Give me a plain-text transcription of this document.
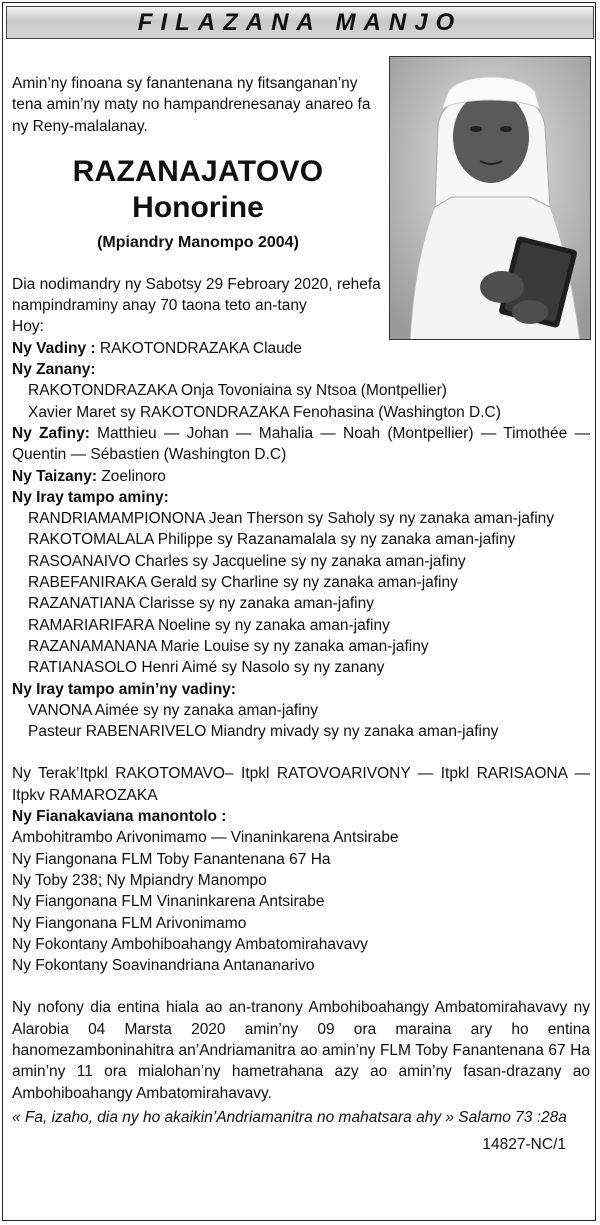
FILAZANA MANJO

Amin’ny finoana sy fanantenana ny fitsanganan’ny tena amin’ny maty no hampandrenesanay anareo fa ny Reny-malalanay.

RAZANAJATOVO
Honorine
(Mpiandry Manompo 2004)
Dia nodimandry ny Sabotsy 29 Febroary 2020, rehefa
nampindraminy anay 70 taona teto an-tany
Hoy:
Ny Vadiny : RAKOTONDRAZAKA Claude
Ny Zanany:
RAKOTONDRAZAKA Onja Tovoniaina sy Ntsoa (Montpellier)
Xavier Maret sy RAKOTONDRAZAKA Fenohasina (Washington D.C)
Ny Zafiny: Matthieu — Johan — Mahalia — Noah (Montpellier) — Timothée — Quentin — Sébastien (Washington D.C)
Ny Taizany: Zoelinoro
Ny Iray tampo aminy:
RANDRIAMAMPIONONA Jean Therson sy Saholy sy ny zanaka aman-jafiny
RAKOTOMALALA Philippe sy Razanamalala sy ny zanaka aman-jafiny
RASOANAIVO Charles sy Jacqueline sy ny zanaka aman-jafiny
RABEFANIRAKA Gerald sy Charline sy ny zanaka aman-jafiny
RAZANATIANA Clarisse sy ny zanaka aman-jafiny
RAMARIARIFARA Noeline sy ny zanaka aman-jafiny
RAZANAMANANA Marie Louise sy ny zanaka aman-jafiny
RATIANASOLO Henri Aimé sy Nasolo sy ny zanany
Ny Iray tampo amin’ny vadiny:
VANONA Aimée sy ny zanaka aman-jafiny
Pasteur RABENARIVELO Miandry mivady sy ny zanaka aman-jafiny
Ny Terak’Itpkl RAKOTOMAVO– Itpkl RATOVOARIVONY — Itpkl RARISAONA — Itpkv RAMAROZAKA
Ny Fianakaviana manontolo :
Ambohitrambo Arivonimamo — Vinaninkarena Antsirabe
Ny Fiangonana FLM Toby Fanantenana 67 Ha
Ny Toby 238; Ny Mpiandry Manompo
Ny Fiangonana FLM Vinaninkarena Antsirabe
Ny Fiangonana FLM Arivonimamo
Ny Fokontany Ambohiboahangy Ambatomirahavavy
Ny Fokontany Soavinandriana Antananarivo
Ny nofony dia entina hiala ao an-tranony Ambohiboahangy Ambatomirahavavy ny Alarobia 04 Marsta 2020 amin’ny 09 ora maraina ary ho entina hanomezamboninahitra an’Andriamanitra ao amin’ny FLM Toby Fanantenana 67 Ha amin’ny 11 ora mialohan’ny hametrahana azy ao amin’ny fasan-drazany ao Ambohiboahangy Ambatomirahavavy.
« Fa, izaho, dia ny ho akaikin’Andriamanitra no mahatsara ahy » Salamo 73 :28a
14827-NC/1
